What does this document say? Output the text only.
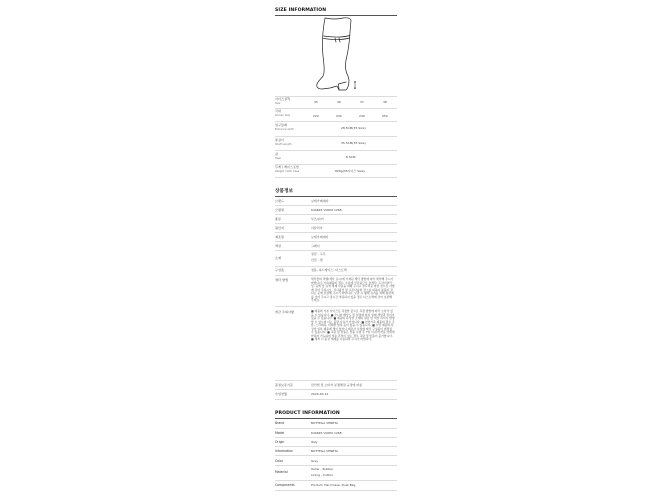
SIZE INFORMATION
사이즈 (IT)
Size	35	36	37	38
국내
Korean Size	220	230	240	250
입구둘레
Entrance Girth	28.5CM(35 Size)
통길이
Shaft Length	35.5CM(35 Size)
굽
Heel	6.5CM
무게 / 케이스포함
Weight / with Case	826g(35사이즈 Size)
상품정보
브랜드	보테가베네타
모델명	640645 V00P0 1268
종류	부츠/워커
원산지	이탈리아
제조원	보테가베네타
색상	그레이
소재
겉감 - 고무
안감 - 면
구성품	정품, 하드케이스, 더스트백
세탁 방법	세탁물의 라벨(세탁 표시)에 기재된 세탁 방법에 따라 세탁해 주시기 바랍니다. 가죽제품의 경우, 수분에 민감하므로 물세탁, 드라이클리닝, 표백 및 유색 세제 사용을 피해 주시고 부드러운 마른 천으로 가볍게 닦아 주십시오. 직사광선 및 고온다습한 장소를 피하여 통풍이 잘 되는 곳에 보관해 주시기 바랍니다. 보관 시 형태 유지를 위해 충전재를 넣어 주시고 장시간 착용하지 않을 경우 더스트백에 넣어 보관해 주세요.
취급 주의사항	■ 제품의 기본 사이즈로 측정한 값으로 측정 방법에 따라 오차가 있을 수 있습니다. ■ 모니터 해상도 및 설정에 따라 실제 색상과 차이가 있을 수 있습니다. ■ 제품의 특성상 소재의 질감 및 색상 차이가 발생할 수 있으며 이는 불량 사유가 아닙니다. ■ 천연가죽 제품의 경우 주름, 스크래치, 미세한 얼룩 등이 있을 수 있습니다. ■ 수입 제품의 특성상 일부 제품에 택이 없거나 제조사 사정에 따라 구성품이 변경될 수 있습니다. ■ 교환 및 반품은 상품 수령 후 7일 이내 미착용 상태에 한하여 가능하며 착용 흔적이 있는 경우 교환 및 반품이 불가합니다. ■ 세척 시 중성 세제를 사용하여 주시기 바랍니다.
품질보증기준	관련법 및 소비자 분쟁해결 규정에 따름
수입연월	2024-03-12
PRODUCT INFORMATION
Brand	BOTTEGA VENETA
Model	640645 V00P0 1268
Origin	Italy
Information	BOTTEGA VENETA
Color	Grey
Material
Outer - Rubber
Lining - Cotton
Components	Product, Hard Case, Dust Bag
